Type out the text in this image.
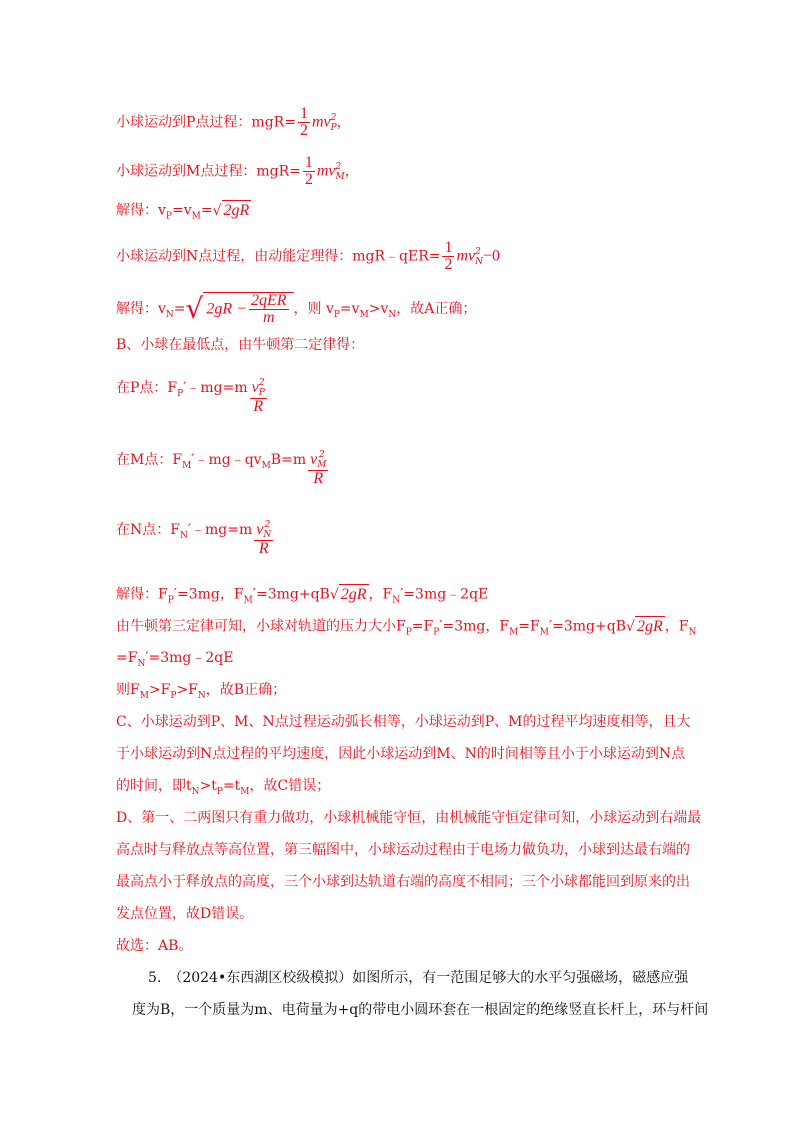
小球运动到P点过程：$mgR= \frac{1}{2}$ mv 2
P ，
小球运动到M点过程：$mgR= \frac{1}{2}$ mv 2
M ，
解得：$v_P=v_M=√$ 2gR
小球运动到N点过程，由动能定理得：mgR﹣qER= $\frac{1}{2}$ mv 2
N −0
解得：$v_N=√$ $2gR - \frac{\text{2qER}}{m}$ ，则 $v_P=v_M>v_N$，故A正确；
B、小球在最低点，由牛顿第二定律得：
在P点：$F_P'﹣mg=m$ v 2
P
R
在M点：$F_M'﹣mg﹣qv_MB=m$ v 2
M
R
在N点：$F_N'﹣mg=m$ v 2
N
R
解得：$F_P'=3mg$，$F_M'=3mg+qB√$ 2gR ，$F_N'=3mg﹣2qE$
由牛顿第三定律可知，小球对轨道的压力大小$F_P=F_P'=3mg$，$F_M=F_M'=3mg+qB√$ 2gR ，$F_N$
$=F_N'=3mg﹣2qE$
则$F_M>F_P>F_N$，故B正确；
C、小球运动到P、M、N点过程运动弧长相等，小球运动到P、M的过程平均速度相等，且大
于小球运动到N点过程的平均速度，因此小球运动到M、N的时间相等且小于小球运动到N点
的时间，即$t_N>t_P=t_M$，故C错误；
D、第一、二两图只有重力做功，小球机械能守恒，由机械能守恒定律可知，小球运动到右端最
高点时与释放点等高位置，第三幅图中，小球运动过程由于电场力做负功，小球到达最右端的
最高点小于释放点的高度，三个小球到达轨道右端的高度不相同；三个小球都能回到原来的出
发点位置，故D错误。
故选：AB。
5.　（2024•东西湖区校级模拟）如图所示，有一范围足够大的水平匀强磁场，磁感应强
度为B，一个质量为m、电荷量为+q的带电小圆环套在一根固定的绝缘竖直长杆上，环与杆间
